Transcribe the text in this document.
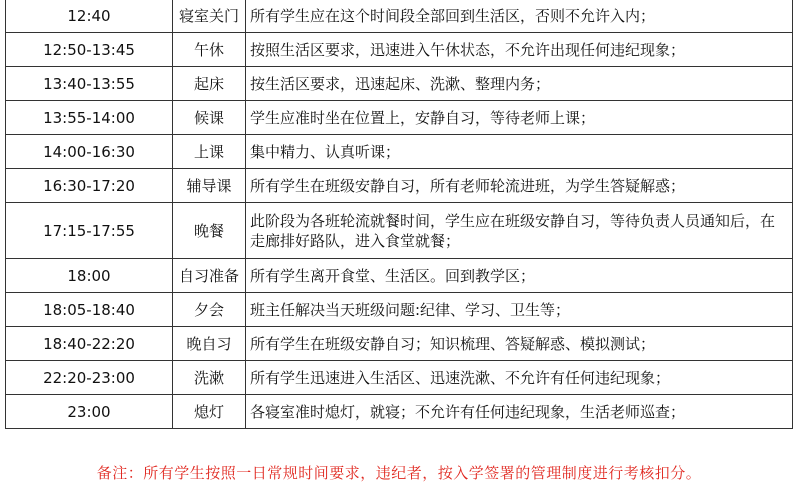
12:40	寝室关门	所有学生应在这个时间段全部回到生活区，否则不允许入内；
12:50-13:45	午休	按照生活区要求，迅速进入午休状态，不允许出现任何违纪现象；
13:40-13:55	起床	按生活区要求，迅速起床、洗漱、整理内务；
13:55-14:00	候课	学生应准时坐在位置上，安静自习，等待老师上课；
14:00-16:30	上课	集中精力、认真听课；
16:30-17:20	辅导课	所有学生在班级安静自习，所有老师轮流进班，为学生答疑解惑；
17:15-17:55	晚餐	此阶段为各班轮流就餐时间，学生应在班级安静自习，等待负责人员通知后，在走廊排好路队，进入食堂就餐；
18:00	自习准备	所有学生离开食堂、生活区。回到教学区；
18:05-18:40	夕会	班主任解决当天班级问题:纪律、学习、卫生等；
18:40-22:20	晚自习	所有学生在班级安静自习；知识梳理、答疑解惑、模拟测试；
22:20-23:00	洗漱	所有学生迅速进入生活区、迅速洗漱、不允许有任何违纪现象；
23:00	熄灯	各寝室准时熄灯，就寝；不允许有任何违纪现象，生活老师巡查；
备注：所有学生按照一日常规时间要求，违纪者，按入学签署的管理制度进行考核扣分。
